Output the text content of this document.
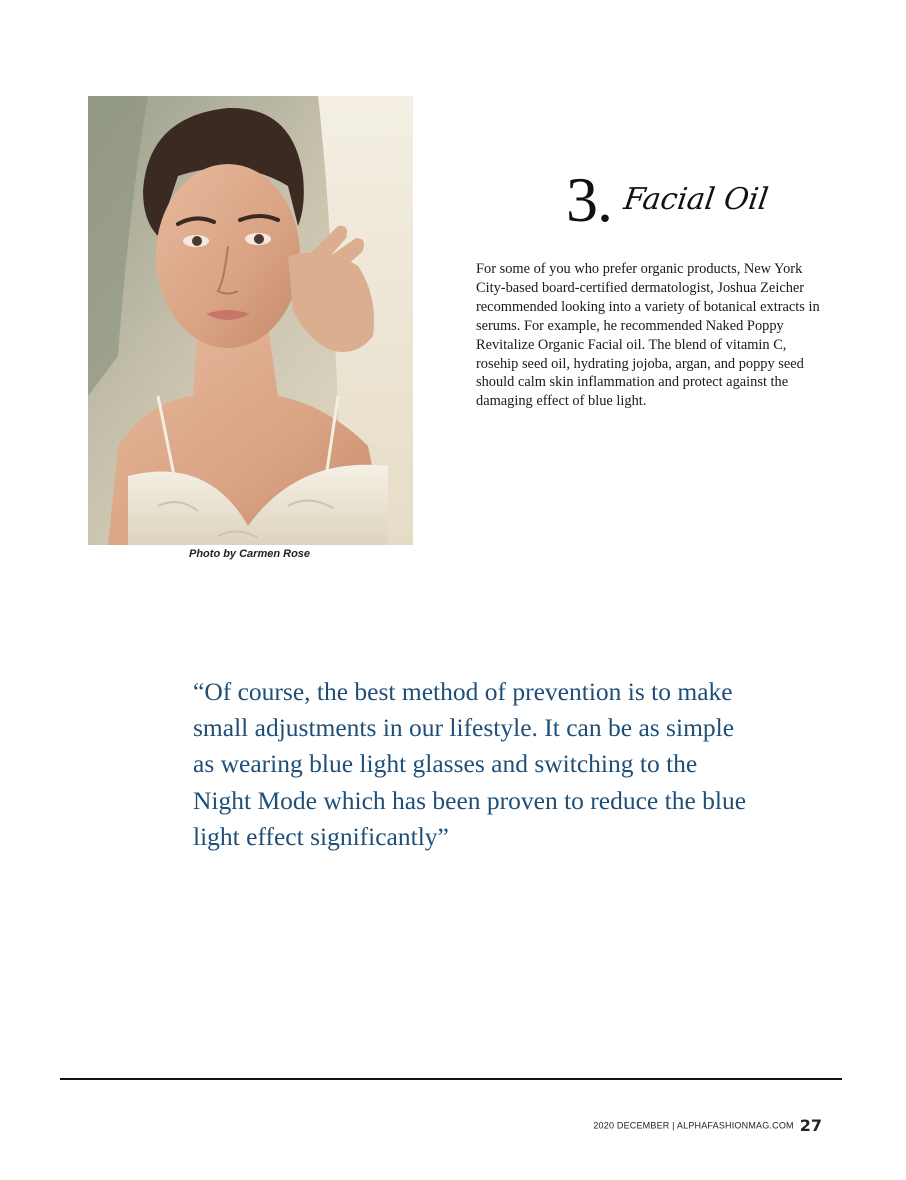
Photo by Carmen Rose
3. Facial Oil
For some of you who prefer organic products, New York City-based board-certified dermatologist, Joshua Zeicher recommended looking into a variety of botanical extracts in serums. For example, he recommended Naked Poppy Revitalize Organic Facial oil. The blend of vitamin C, rosehip seed oil, hydrating jojoba, argan, and poppy seed should calm skin inflammation and protect against the damaging effect of blue light.
“Of course, the best method of prevention is to make small adjustments in our lifestyle. It can be as simple as wearing blue light glasses and switching to the Night Mode which has been proven to reduce the blue light effect significantly”
2020 DECEMBER | ALPHAFASHIONMAG.COM 27
